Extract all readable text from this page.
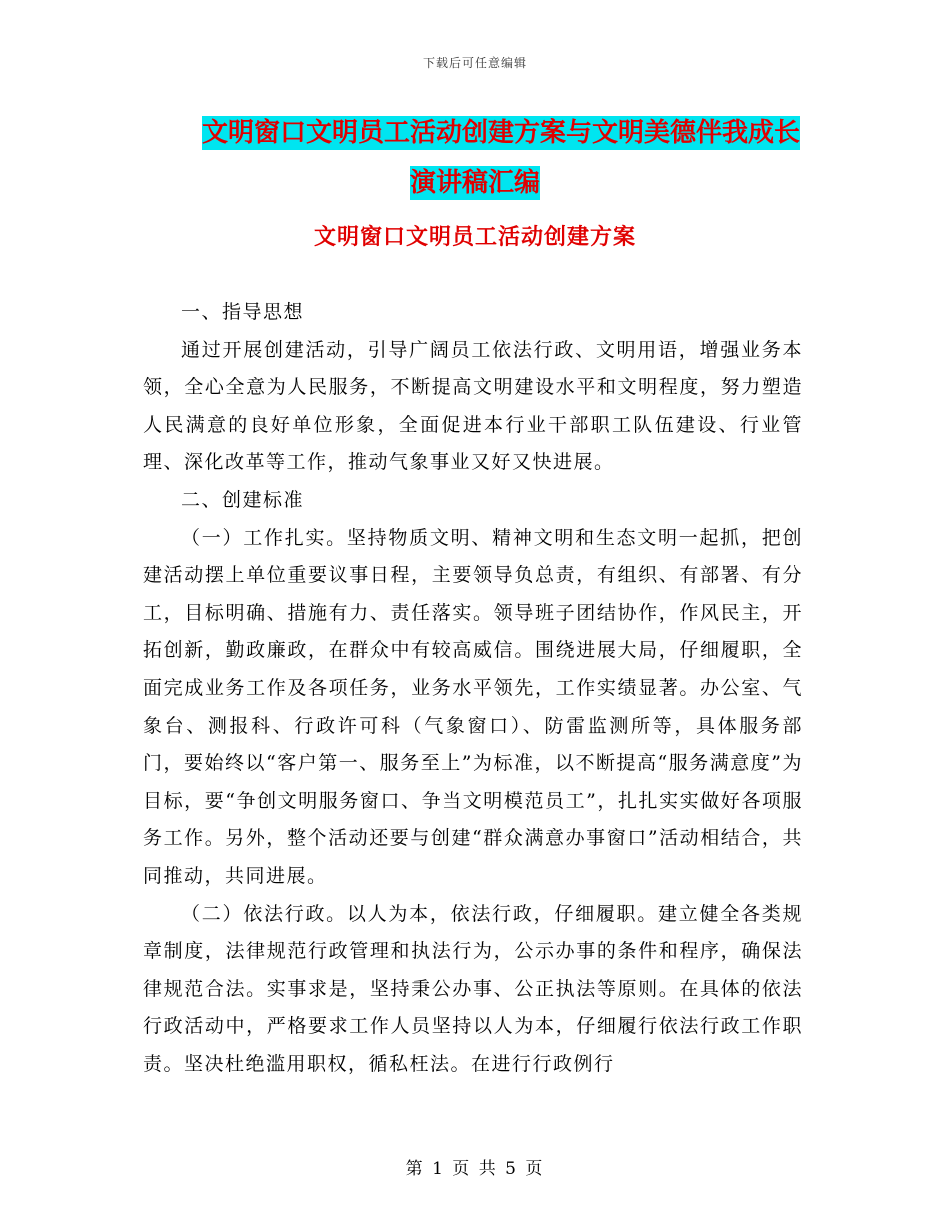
下载后可任意编辑
文明窗口文明员工活动创建方案与文明美德伴我成长
演讲稿汇编
文明窗口文明员工活动创建方案

一、指导思想

通过开展创建活动，引导广阔员工依法行政、文明用语，增强业务本领，全心全意为人民服务，不断提高文明建设水平和文明程度，努力塑造人民满意的良好单位形象，全面促进本行业干部职工队伍建设、行业管理、深化改革等工作，推动气象事业又好又快进展。

二、创建标准

（一）工作扎实。坚持物质文明、精神文明和生态文明一起抓，把创建活动摆上单位重要议事日程，主要领导负总责，有组织、有部署、有分工，目标明确、措施有力、责任落实。领导班子团结协作，作风民主，开拓创新，勤政廉政，在群众中有较高威信。围绕进展大局，仔细履职，全面完成业务工作及各项任务，业务水平领先，工作实绩显著。办公室、气象台、测报科、行政许可科（气象窗口）、防雷监测所等，具体服务部门，要始终以“客户第一、服务至上”为标准，以不断提高“服务满意度”为目标，要“争创文明服务窗口、争当文明模范员工”，扎扎实实做好各项服务工作。另外，整个活动还要与创建“群众满意办事窗口”活动相结合，共同推动，共同进展。

（二）依法行政。以人为本，依法行政，仔细履职。建立健全各类规章制度，法律规范行政管理和执法行为，公示办事的条件和程序，确保法律规范合法。实事求是，坚持秉公办事、公正执法等原则。在具体的依法行政活动中，严格要求工作人员坚持以人为本，仔细履行依法行政工作职责。坚决杜绝滥用职权，循私枉法。在进行行政例行

第 1 页 共 5 页
